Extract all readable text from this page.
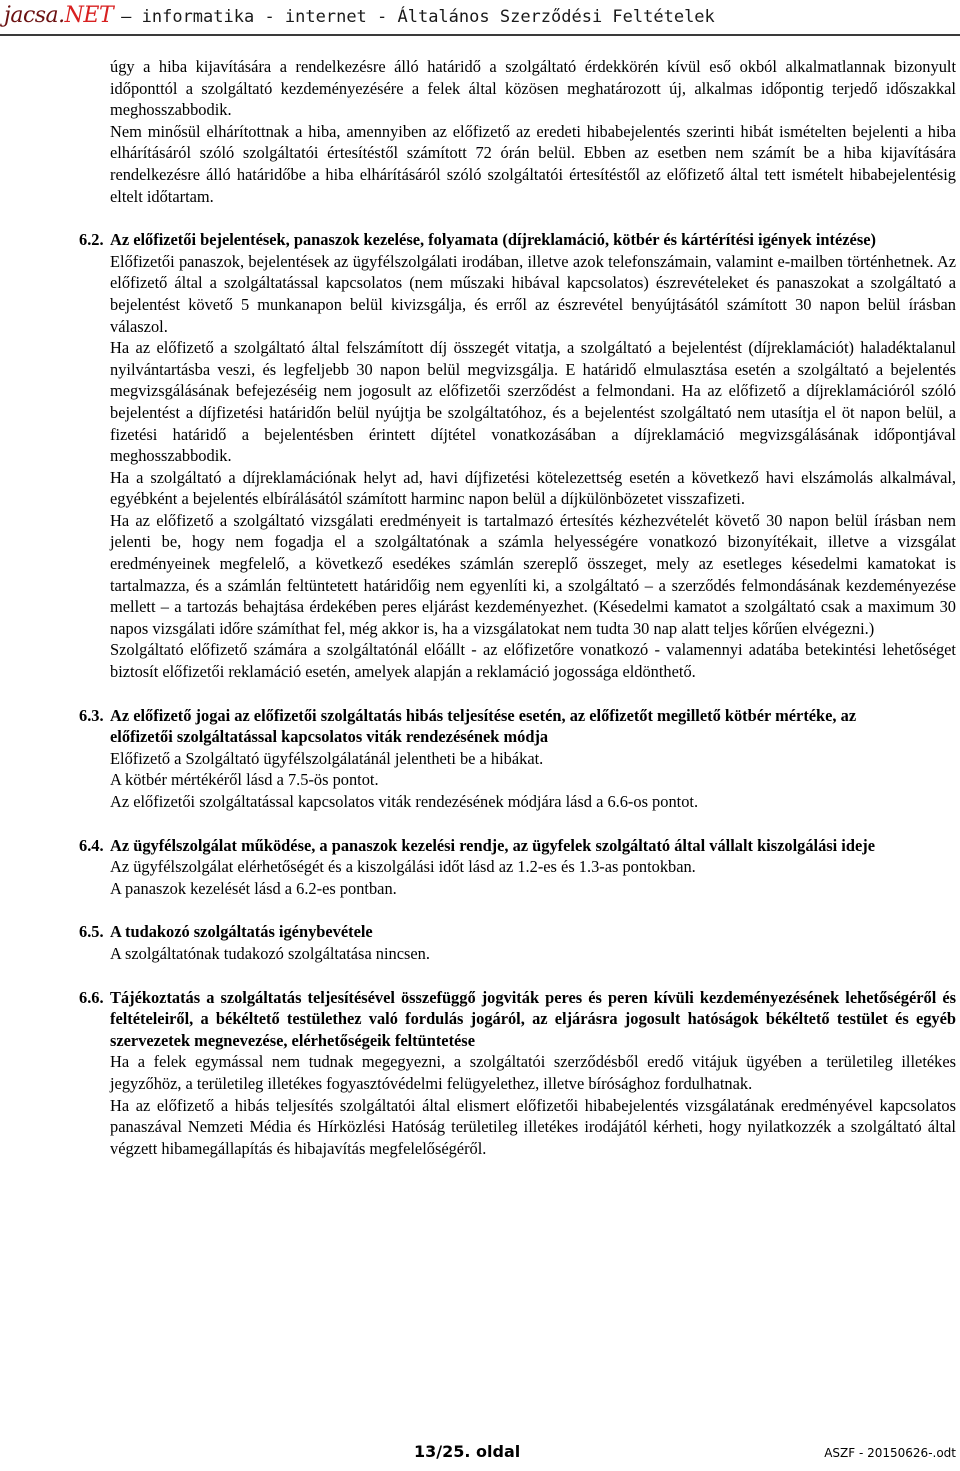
jacsa.NET – informatika - internet - Általános Szerződési Feltételek

úgy a hiba kijavítására a rendelkezésre álló határidő a szolgáltató érdekkörén kívül eső okból alkalmatlannak bizonyult időponttól a szolgáltató kezdeményezésére a felek által közösen meghatározott új, alkalmas időpontig terjedő időszakkal meghosszabbodik.

Nem minősül elhárítottnak a hiba, amennyiben az előfizető az eredeti hibabejelentés szerinti hibát ismételten bejelenti a hiba elhárításáról szóló szolgáltatói értesítéstől számított 72 órán belül. Ebben az esetben nem számít be a hiba kijavítására rendelkezésre álló határidőbe a hiba elhárításáról szóló szolgáltatói értesítéstől az előfizető által tett ismételt hibabejelentésig eltelt időtartam.

6.2. Az előfizetői bejelentések, panaszok kezelése, folyamata (díjreklamáció, kötbér és kártérítési igények intézése)

Előfizetői panaszok, bejelentések az ügyfélszolgálati irodában, illetve azok telefonszámain, valamint e-mailben történhetnek. Az előfizető által a szolgáltatással kapcsolatos (nem műszaki hibával kapcsolatos) észrevételeket és panaszokat a szolgáltató a bejelentést követő 5 munkanapon belül kivizsgálja, és erről az észrevétel benyújtásától számított 30 napon belül írásban válaszol.

Ha az előfizető a szolgáltató által felszámított díj összegét vitatja, a szolgáltató a bejelentést (díjreklamációt) haladéktalanul nyilvántartásba veszi, és legfeljebb 30 napon belül megvizsgálja. E határidő elmulasztása esetén a szolgáltató a bejelentés megvizsgálásának befejezéséig nem jogosult az előfizetői szerződést a felmondani. Ha az előfizető a díjreklamációról szóló bejelentést a díjfizetési határidőn belül nyújtja be szolgáltatóhoz, és a bejelentést szolgáltató nem utasítja el öt napon belül, a fizetési határidő a bejelentésben érintett díjtétel vonatkozásában a díjreklamáció megvizsgálásának időpontjával meghosszabbodik.

Ha a szolgáltató a díjreklamációnak helyt ad, havi díjfizetési kötelezettség esetén a következő havi elszámolás alkalmával, egyébként a bejelentés elbírálásától számított harminc napon belül a díjkülönbözetet visszafizeti.

Ha az előfizető a szolgáltató vizsgálati eredményeit is tartalmazó értesítés kézhezvételét követő 30 napon belül írásban nem jelenti be, hogy nem fogadja el a szolgáltatónak a számla helyességére vonatkozó bizonyítékait, illetve a vizsgálat eredményeinek megfelelő, a következő esedékes számlán szereplő összeget, mely az esetleges késedelmi kamatokat is tartalmazza, és a számlán feltüntetett határidőig nem egyenlíti ki, a szolgáltató – a szerződés felmondásának kezdeményezése mellett – a tartozás behajtása érdekében peres eljárást kezdeményezhet. (Késedelmi kamatot a szolgáltató csak a maximum 30 napos vizsgálati időre számíthat fel, még akkor is, ha a vizsgálatokat nem tudta 30 nap alatt teljes kőrűen elvégezni.)

Szolgáltató előfizető számára a szolgáltatónál előállt - az előfizetőre vonatkozó - valamennyi adatába betekintési lehetőséget biztosít előfizetői reklamáció esetén, amelyek alapján a reklamáció jogossága eldönthető.

6.3. Az előfizető jogai az előfizetői szolgáltatás hibás teljesítése esetén, az előfizetőt megillető kötbér mértéke, az előfizetői szolgáltatással kapcsolatos viták rendezésének módja

Előfizető a Szolgáltató ügyfélszolgálatánál jelentheti be a hibákat.

A kötbér mértékéről lásd a 7.5-ös pontot.

Az előfizetői szolgáltatással kapcsolatos viták rendezésének módjára lásd a 6.6-os pontot.

6.4. Az ügyfélszolgálat működése, a panaszok kezelési rendje, az ügyfelek szolgáltató által vállalt kiszolgálási ideje

Az ügyfélszolgálat elérhetőségét és a kiszolgálási időt lásd az 1.2-es és 1.3-as pontokban.

A panaszok kezelését lásd a 6.2-es pontban.

6.5. A tudakozó szolgáltatás igénybevétele

A szolgáltatónak tudakozó szolgáltatása nincsen.

6.6. Tájékoztatás a szolgáltatás teljesítésével összefüggő jogviták peres és peren kívüli kezdeményezésének lehetőségéről és feltételeiről, a békéltető testülethez való fordulás jogáról, az eljárásra jogosult hatóságok békéltető testület és egyéb szervezetek megnevezése, elérhetőségeik feltüntetése

Ha a felek egymással nem tudnak megegyezni, a szolgáltatói szerződésből eredő vitájuk ügyében a területileg illetékes jegyzőhöz, a területileg illetékes fogyasztóvédelmi felügyelethez, illetve bírósághoz fordulhatnak.

Ha az előfizető a hibás teljesítés szolgáltatói által elismert előfizetői hibabejelentés vizsgálatának eredményével kapcsolatos panaszával Nemzeti Média és Hírközlési Hatóság területileg illetékes irodájától kérheti, hogy nyilatkozzék a szolgáltató által végzett hibamegállapítás és hibajavítás megfelelőségéről.

13/25. oldal	ASZF - 20150626-.odt
